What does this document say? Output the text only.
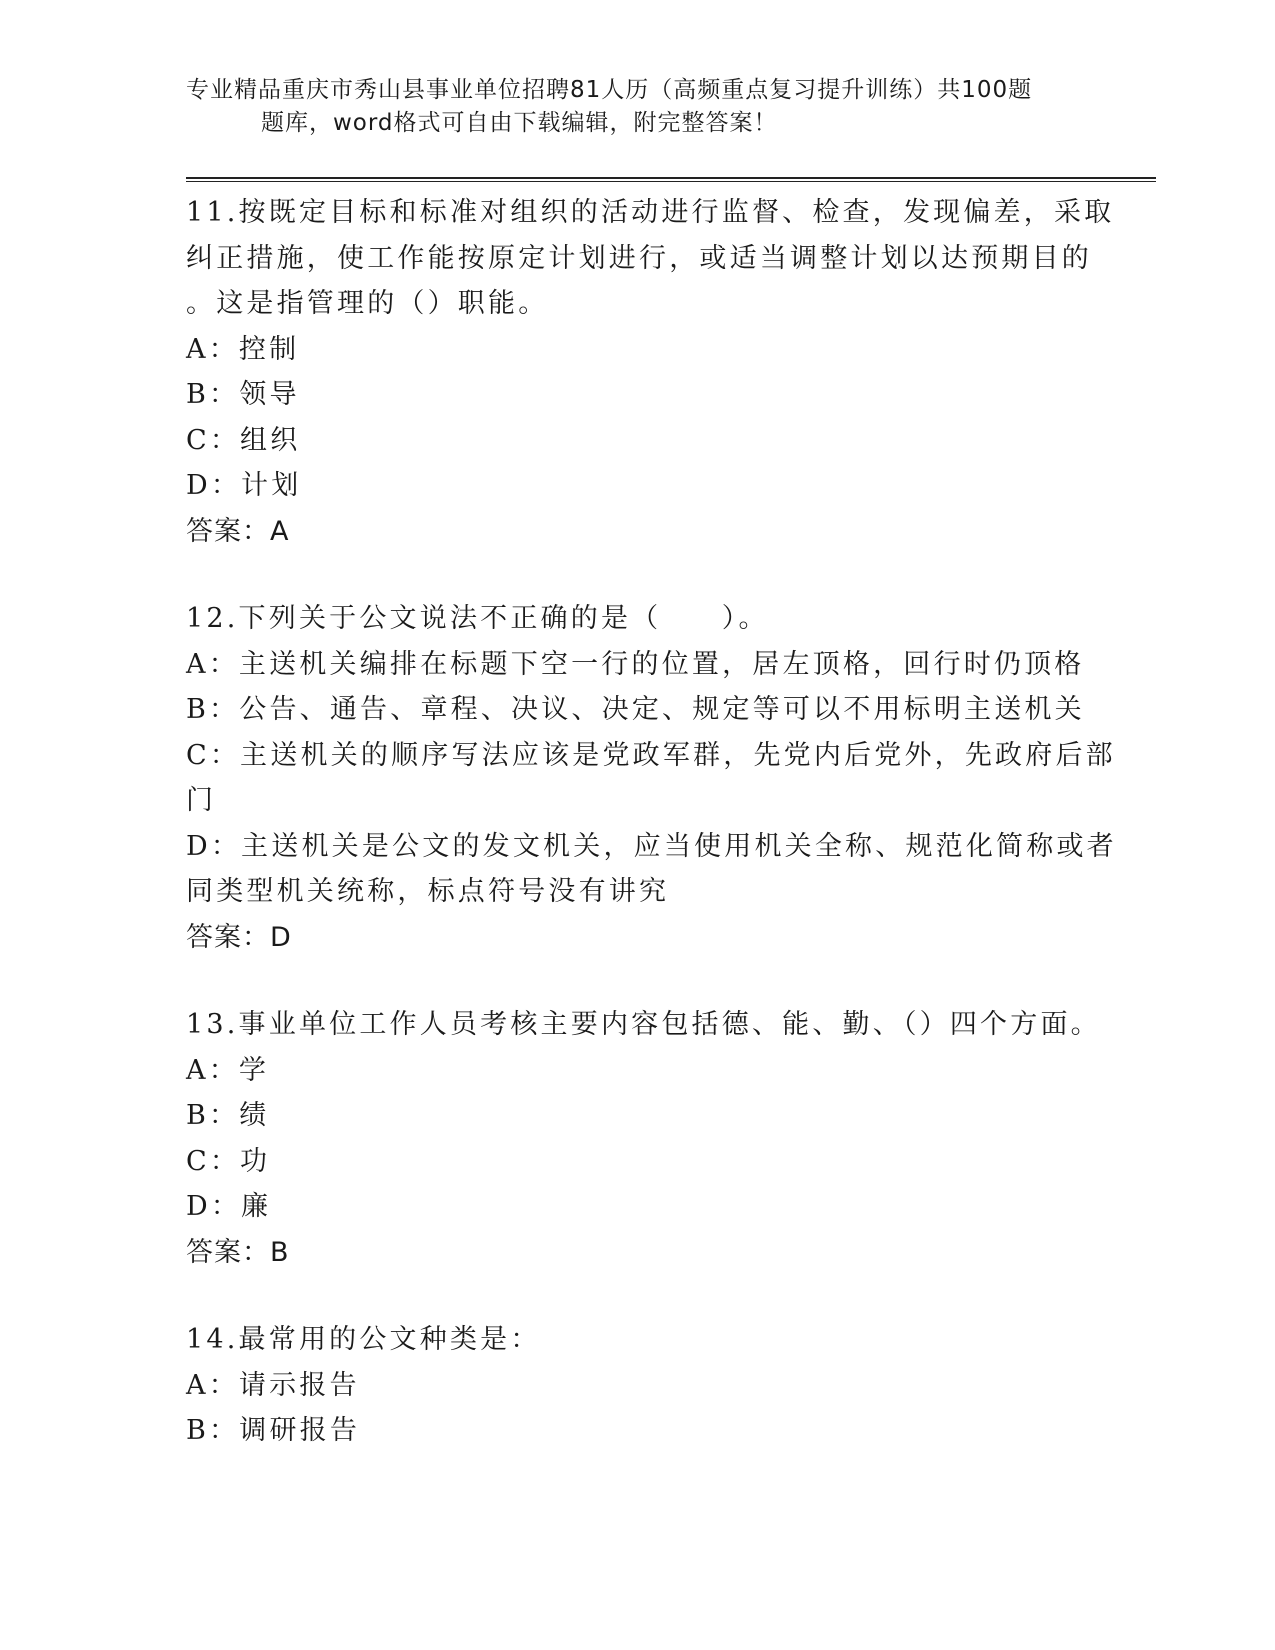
专业精品重庆市秀山县事业单位招聘81人历（高频重点复习提升训练）共100题
题库，word格式可自由下载编辑，附完整答案！
11.按既定目标和标准对组织的活动进行监督、检查，发现偏差，采取
纠正措施，使工作能按原定计划进行，或适当调整计划以达预期目的
。这是指管理的（）职能。
A：控制
B：领导
C：组织
D：计划
答案：A
12.下列关于公文说法不正确的是（　　）。
A：主送机关编排在标题下空一行的位置，居左顶格，回行时仍顶格
B：公告、通告、章程、决议、决定、规定等可以不用标明主送机关
C：主送机关的顺序写法应该是党政军群，先党内后党外，先政府后部
门
D：主送机关是公文的发文机关，应当使用机关全称、规范化简称或者
同类型机关统称，标点符号没有讲究
答案：D
13.事业单位工作人员考核主要内容包括德、能、勤、（）四个方面。
A：学
B：绩
C：功
D：廉
答案：B
14.最常用的公文种类是：
A：请示报告
B：调研报告
